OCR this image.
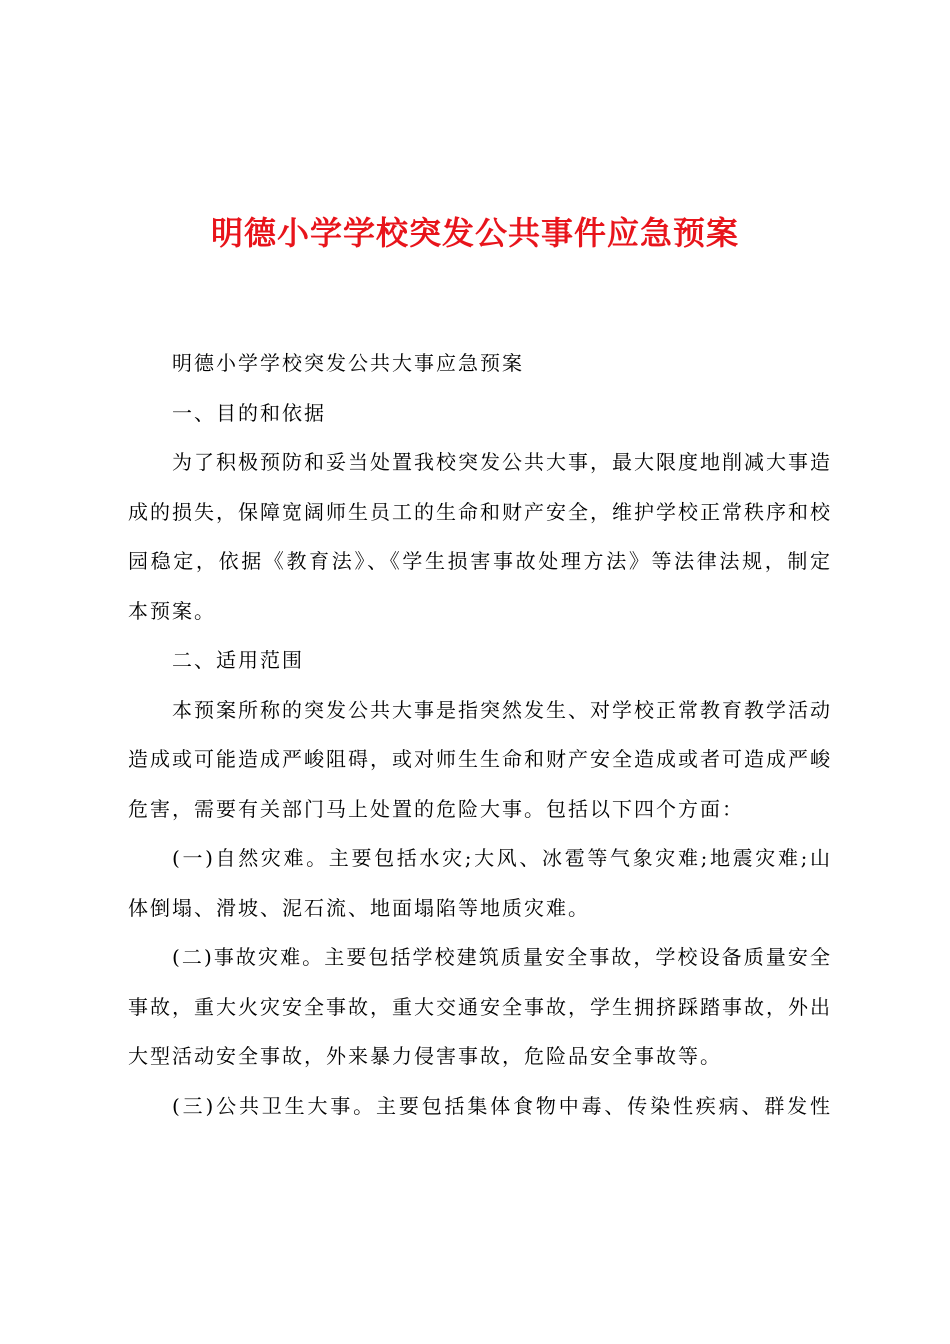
明德小学学校突发公共事件应急预案

明德小学学校突发公共大事应急预案

一、目的和依据

为了积极预防和妥当处置我校突发公共大事，最大限度地削减大事造成的损失，保障宽阔师生员工的生命和财产安全，维护学校正常秩序和校园稳定，依据《教育法》、《学生损害事故处理方法》等法律法规，制定本预案。

二、适用范围

本预案所称的突发公共大事是指突然发生、对学校正常教育教学活动造成或可能造成严峻阻碍，或对师生生命和财产安全造成或者可造成严峻危害，需要有关部门马上处置的危险大事。包括以下四个方面：

(一)自然灾难。主要包括水灾;大风、冰雹等气象灾难;地震灾难;山体倒塌、滑坡、泥石流、地面塌陷等地质灾难。

(二)事故灾难。主要包括学校建筑质量安全事故，学校设备质量安全事故，重大火灾安全事故，重大交通安全事故，学生拥挤踩踏事故，外出大型活动安全事故，外来暴力侵害事故，危险品安全事故等。

(三)公共卫生大事。主要包括集体食物中毒、传染性疾病、群发性
